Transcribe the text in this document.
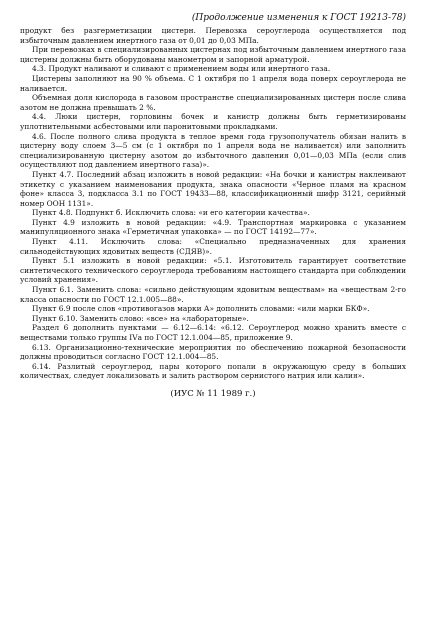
(Продолжение изменения к ГОСТ 19213-78)

продукт без разгерметизации цистерн. Перевозка сероуглерода осуществляется под избыточным давлением инертного газа от 0,01 до 0,03 МПа.

При перевозках в специализированных цистернах под избыточным давлением инертного газа цистерны должны быть оборудованы манометром и запорной арматурой.

4.3. Продукт наливают и сливают с применением воды или инертного газа.

Цистерны заполняют на 90 % объема. С 1 октября по 1 апреля вода поверх сероуглерода не наливается.

Объемная доля кислорода в газовом пространстве специализированных цистерн после слива азотом не должна превышать 2 %.

4.4. Люки цистерн, горловины бочек и канистр должны быть герметизированы уплотнительными асбестовыми или паронитовыми прокладками.

4.6. После полного слива продукта в теплое время года грузополучатель обязан налить в цистерну воду слоем 3—5 см (с 1 октября по 1 апреля вода не наливается) или заполнить специализированную цистерну азотом до избыточного давления 0,01—0,03 МПа (если слив осуществляют под давлением инертного газа)».

Пункт 4.7. Последний абзац изложить в новой редакции: «На бочки и канистры наклеивают этикетку с указанием наименования продукта, знака опасности «Черное пламя на красном фоне» класса 3, подкласса 3.1 по ГОСТ 19433—88, классификационный шифр 3121, серийный номер ООН 1131».

Пункт 4.8. Подпункт б. Исключить слова: «и его категории качества».

Пункт 4.9 изложить в новой редакции: «4.9. Транспортная маркировка с указанием манипуляционного знака «Герметичная упаковка» — по ГОСТ 14192—77».

Пункт 4.11. Исключить слова: «Специально предназначенных для хранения сильнодействующих ядовитых веществ (СДЯВ)».

Пункт 5.1 изложить в новой редакции: «5.1. Изготовитель гарантирует соответствие синтетического технического сероуглерода требованиям настоящего стандарта при соблюдении условий хранения».

Пункт 6.1. Заменить слова: «сильно действующим ядовитым веществам» на «веществам 2-го класса опасности по ГОСТ 12.1.005—88».

Пункт 6.9 после слов «противогазов марки А» дополнить словами: «или марки БКФ».

Пункт 6.10. Заменить слово: «все» на «лабораторные».

Раздел 6 дополнить пунктами — 6.12—6.14: «6.12. Сероуглерод можно хранить вместе с веществами только группы IVа по ГОСТ 12.1.004—85, приложение 9.

6.13. Организационно-технические мероприятия по обеспечению пожарной безопасности должны проводиться согласно ГОСТ 12.1.004—85.

6.14. Разлитый сероуглерод, пары которого попали в окружающую среду в больших количествах, следует локализовать и залить раствором сернистого натрия или калия».

(ИУС № 11 1989 г.)
